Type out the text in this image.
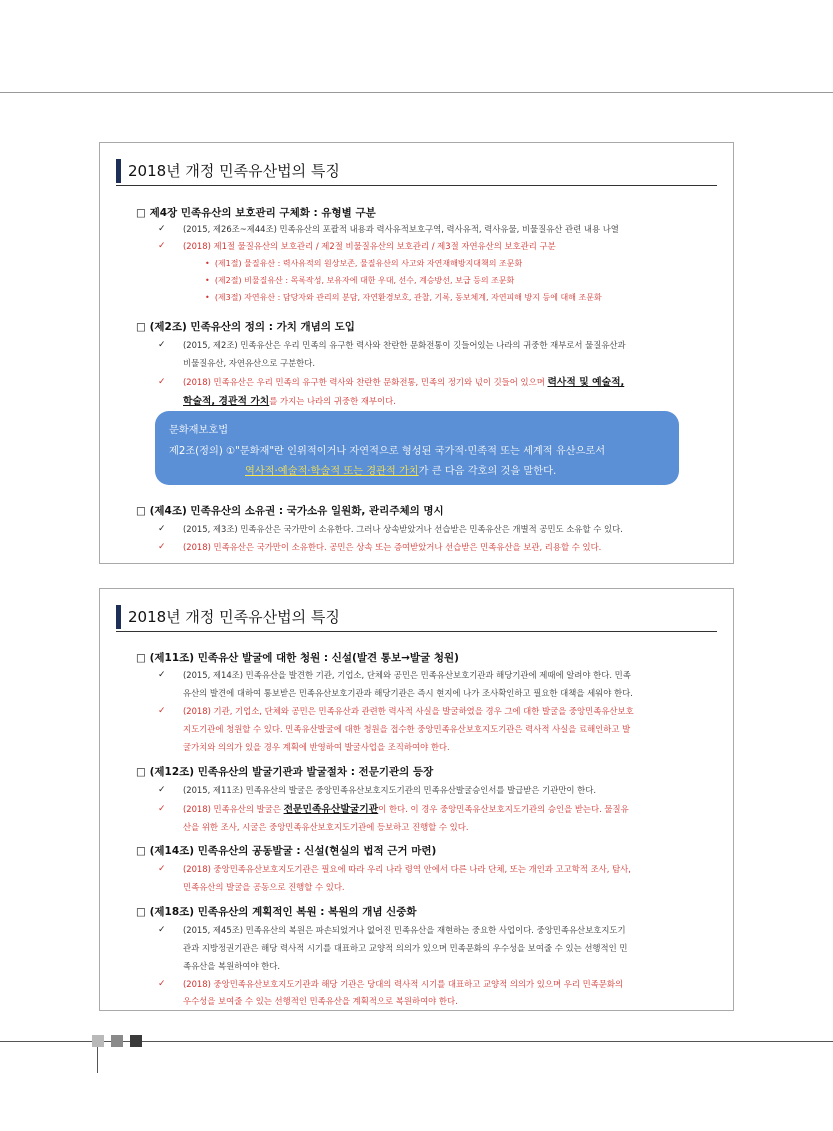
2018년 개정 민족유산법의 특징
□ 제4장 민족유산의 보호관리 구체화 : 유형별 구분
✓	(2015, 제26조~제44조) 민족유산의 포괄적 내용과 력사유적보호구역, 력사유적, 력사유물, 비물질유산 관련 내용 나열
✓	(2018) 제1절 물질유산의 보호관리 / 제2절 비물질유산의 보호관리 / 제3절 자연유산의 보호관리 구분
• (제1절) 물질유산 : 력사유적의 원상보존, 물질유산의 사고와 자연재해방지대책의 조문화
• (제2절) 비물질유산 : 목록작성, 보유자에 대한 우대, 선수, 계승방선, 보급 등의 조문화
• (제3절) 자연유산 : 담당자와 관리의 분담, 자연환경보호, 관찰, 기록, 동보체계, 자연피해 방지 등에 대해 조문화
□ (제2조) 민족유산의 정의 : 가치 개념의 도입
✓	(2015, 제2조) 민족유산은 우리 민족의 유구한 력사와 찬란한 문화전통이 깃들어있는 나라의 귀중한 재부로서 물질유산과
비물질유산, 자연유산으로 구분한다.
✓	(2018) 민족유산은 우리 민족의 유구한 력사와 찬란한 문화전통, 민족의 정기와 넋이 깃들어 있으며 력사적 및 예술적,
학술적, 경관적 가치를 가지는 나라의 귀중한 재부이다.
문화재보호법
제2조(정의) ①"문화재"란 인위적이거나 자연적으로 형성된 국가적·민족적 또는 세계적 유산으로서
역사적·예술적·학술적 또는 경관적 가치가 큰 다음 각호의 것을 말한다.
□ (제4조) 민족유산의 소유권 : 국가소유 일원화, 관리주체의 명시
✓	(2015, 제3조) 민족유산은 국가만이 소유한다. 그러나 상속받았거나 선습받은 민족유산은 개별적 공민도 소유할 수 있다.
✓	(2018) 민족유산은 국가만이 소유한다. 공민은 상속 또는 증여받았거나 선습받은 민족유산을 보관, 리용할 수 있다.
2018년 개정 민족유산법의 특징
□ (제11조) 민족유산 발굴에 대한 청원 : 신설(발견 통보→발굴 청원)
✓	(2015, 제14조) 민족유산을 발견한 기관, 기업소, 단체와 공민은 민족유산보호기관과 해당기관에 제때에 알려야 한다. 민족
유산의 발견에 대하여 통보받은 민족유산보호기관과 해당기관은 즉시 현지에 나가 조사확인하고 필요한 대책을 세워야 한다.
✓	(2018) 기관, 기업소, 단체와 공민은 민족유산과 관련한 력사적 사실을 발굴하였을 경우 그에 대한 발굴을 중앙민족유산보호
지도기관에 청원할 수 있다. 민족유산발굴에 대한 청원을 접수한 중앙민족유산보호지도기관은 력사적 사실을 료해인하고 발
굴가치와 의의가 있을 경우 계획에 반영하여 발굴사업을 조직하여야 한다.
□ (제12조) 민족유산의 발굴기관과 발굴절차 : 전문기관의 등장
✓	(2015, 제11조) 민족유산의 발굴은 중앙민족유산보호지도기관의 민족유산발굴승인서를 발급받은 기관만이 한다.
✓	(2018) 민족유산의 발굴은 전문민족유산발굴기관이 한다. 이 경우 중앙민족유산보호지도기관의 승인을 받는다. 물질유
산을 위한 조사, 시굴은 중앙민족유산보호지도기관에 등보하고 진행할 수 있다.
□ (제14조) 민족유산의 공동발굴 : 신설(현실의 법적 근거 마련)
✓	(2018) 중앙민족유산보호지도기관은 필요에 따라 우리 나라 령역 안에서 다른 나라 단체, 또는 개인과 고고학적 조사, 탐사,
민족유산의 발굴을 공동으로 진행할 수 있다.
□ (제18조) 민족유산의 계획적인 복원 : 복원의 개념 신중화
✓	(2015, 제45조) 민족유산의 복원은 파손되었거나 없어진 민족유산을 재현하는 중요한 사업이다. 중앙민족유산보호지도기
관과 지방정권기관은 해당 력사적 시기를 대표하고 교양적 의의가 있으며 민족문화의 우수성을 보여줄 수 있는 선행적인 민
족유산을 복원하여야 한다.
✓	(2018) 중앙민족유산보호지도기관과 해당 기관은 당대의 력사적 시기를 대표하고 교양적 의의가 있으며 우리 민족문화의
우수성을 보여줄 수 있는 선행적인 민족유산을 계획적으로 복원하여야 한다.
